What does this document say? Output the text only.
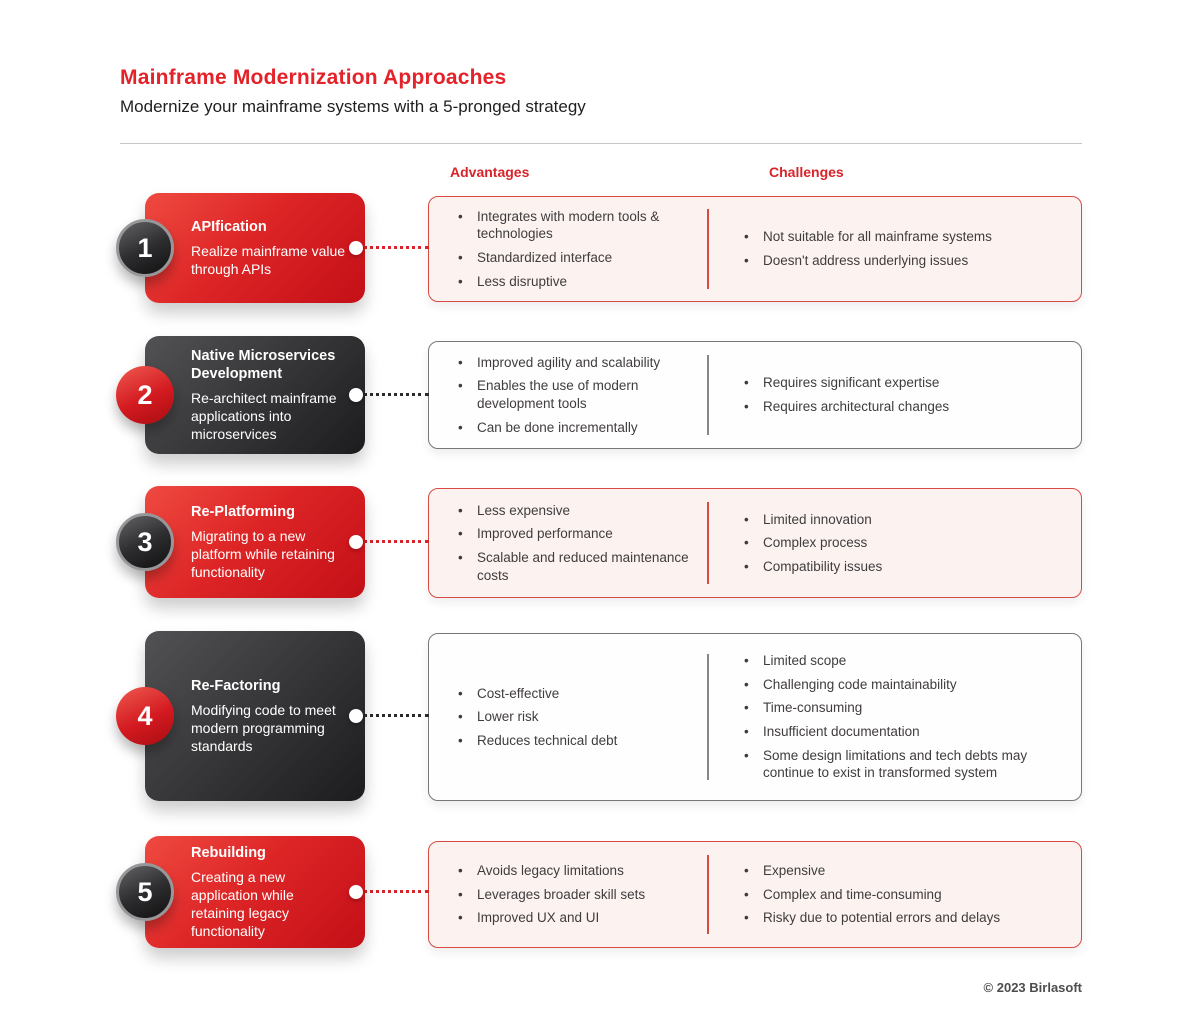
Mainframe Modernization Approaches
Modernize your mainframe systems with a 5-pronged strategy
Advantages	Challenges
1
APIfication
Realize mainframe value through APIs
• Integrates with modern tools & technologies
• Standardized interface
• Less disruptive
• Not suitable for all mainframe systems
• Doesn't address underlying issues
2
Native Microservices Development
Re-architect mainframe applications into microservices
• Improved agility and scalability
• Enables the use of modern development tools
• Can be done incrementally
• Requires significant expertise
• Requires architectural changes
3
Re-Platforming
Migrating to a new platform while retaining functionality
• Less expensive
• Improved performance
• Scalable and reduced maintenance costs
• Limited innovation
• Complex process
• Compatibility issues
4
Re-Factoring
Modifying code to meet modern programming standards
• Cost-effective
• Lower risk
• Reduces technical debt
• Limited scope
• Challenging code maintainability
• Time-consuming
• Insufficient documentation
• Some design limitations and tech debts may continue to exist in transformed system
5
Rebuilding
Creating a new application while retaining legacy functionality
• Avoids legacy limitations
• Leverages broader skill sets
• Improved UX and UI
• Expensive
• Complex and time-consuming
• Risky due to potential errors and delays
© 2023 Birlasoft
